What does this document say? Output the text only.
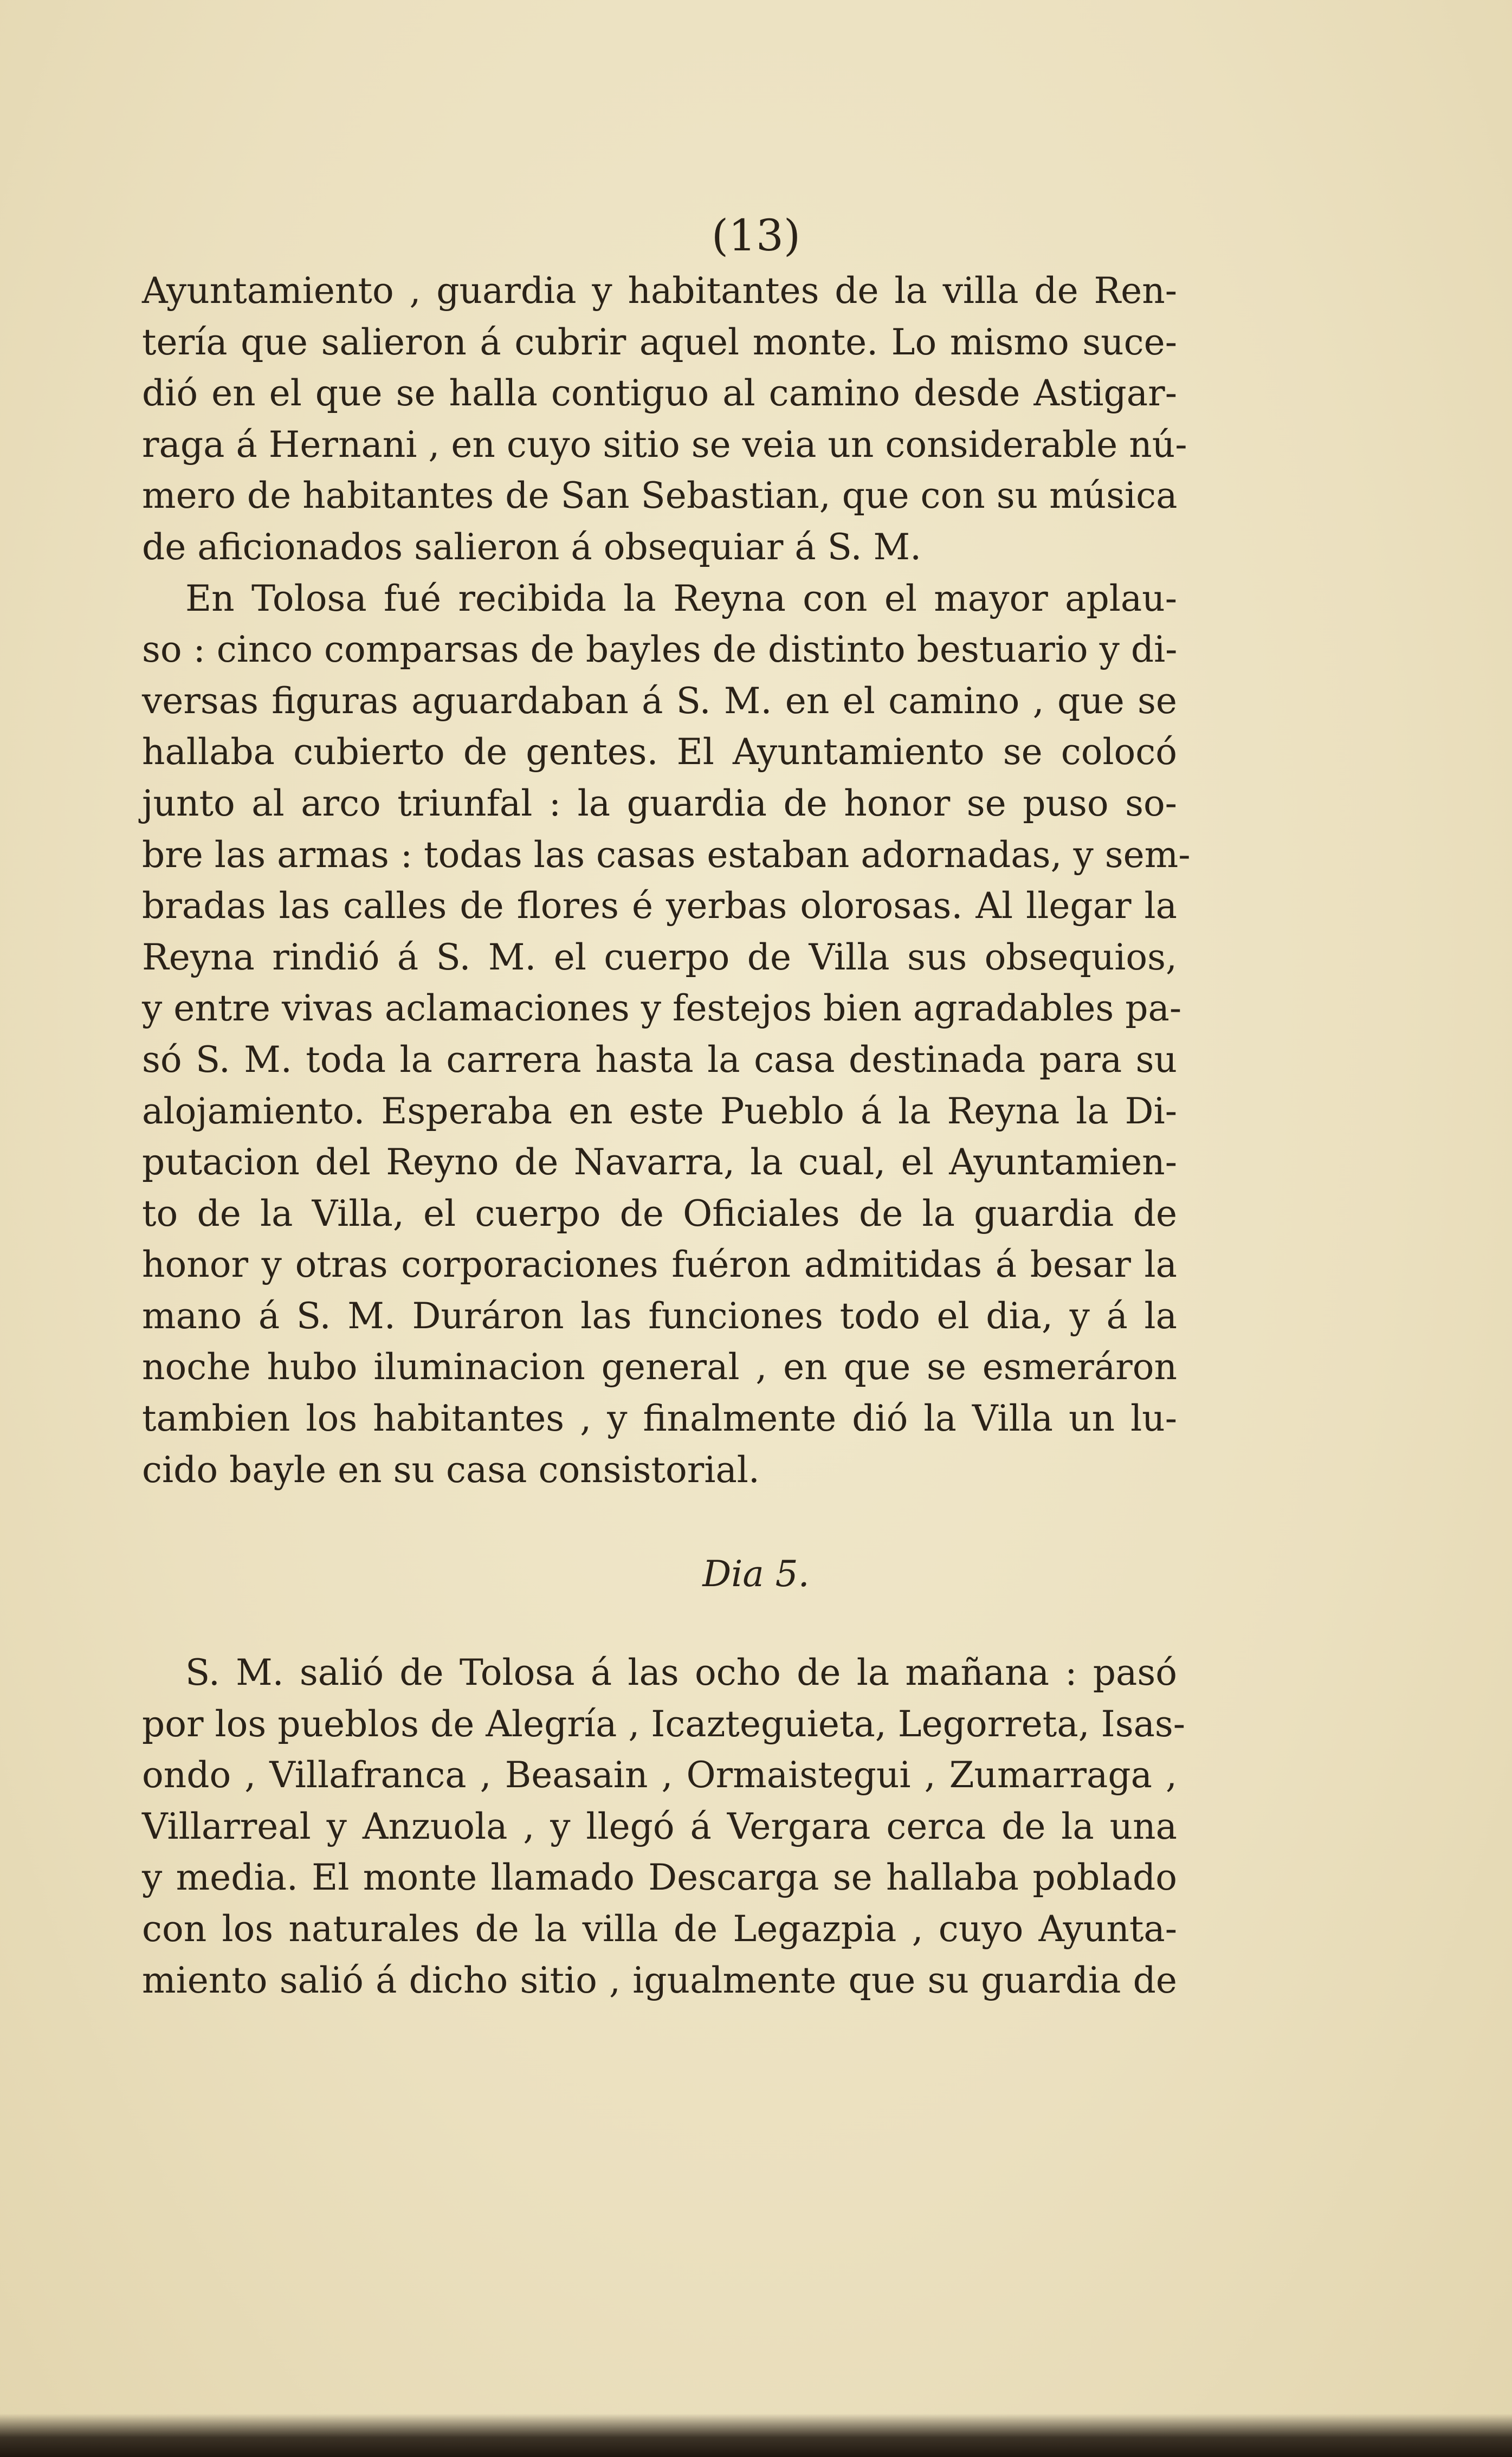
(13)
Ayuntamiento , guardia y habitantes de la villa de Ren-
tería que salieron á cubrir aquel monte. Lo mismo suce-
dió en el que se halla contiguo al camino desde Astigar-
raga á Hernani , en cuyo sitio se veia un considerable nú-
mero de habitantes de San Sebastian, que con su música
de aficionados salieron á obsequiar á S. M.
En Tolosa fué recibida la Reyna con el mayor aplau-
so : cinco comparsas de bayles de distinto bestuario y di-
versas figuras aguardaban á S. M. en el camino , que se
hallaba cubierto de gentes. El Ayuntamiento se colocó
junto al arco triunfal : la guardia de honor se puso so-
bre las armas : todas las casas estaban adornadas, y sem-
bradas las calles de flores é yerbas olorosas. Al llegar la
Reyna rindió á S. M. el cuerpo de Villa sus obsequios,
y entre vivas aclamaciones y festejos bien agradables pa-
só S. M. toda la carrera hasta la casa destinada para su
alojamiento. Esperaba en este Pueblo á la Reyna la Di-
putacion del Reyno de Navarra, la cual, el Ayuntamien-
to de la Villa, el cuerpo de Oficiales de la guardia de
honor y otras corporaciones fuéron admitidas á besar la
mano á S. M. Duráron las funciones todo el dia, y á la
noche hubo iluminacion general , en que se esmeráron
tambien los habitantes , y finalmente dió la Villa un lu-
cido bayle en su casa consistorial.
Dia 5.
S. M. salió de Tolosa á las ocho de la mañana : pasó
por los pueblos de Alegría , Icazteguieta, Legorreta, Isas-
ondo , Villafranca , Beasain , Ormaistegui , Zumarraga ,
Villarreal y Anzuola , y llegó á Vergara cerca de la una
y media. El monte llamado Descarga se hallaba poblado
con los naturales de la villa de Legazpia , cuyo Ayunta-
miento salió á dicho sitio , igualmente que su guardia de
